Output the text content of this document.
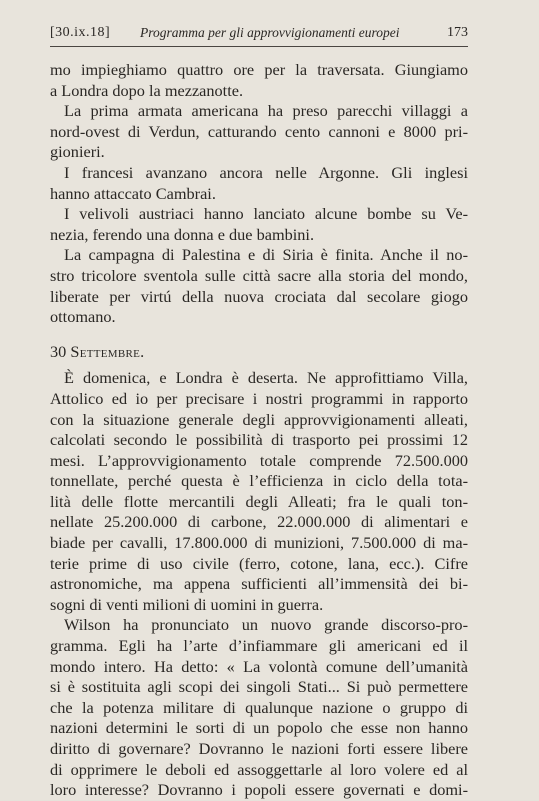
[30.ix.18] Programma per gli approvvigionamenti europei	173
mo impieghiamo quattro ore per la traversata. Giungiamo
a Londra dopo la mezzanotte.
La prima armata americana ha preso parecchi villaggi a
nord-ovest di Verdun, catturando cento cannoni e 8000 pri-
gionieri.
I francesi avanzano ancora nelle Argonne. Gli inglesi
hanno attaccato Cambrai.
I velivoli austriaci hanno lanciato alcune bombe su Ve-
nezia, ferendo una donna e due bambini.
La campagna di Palestina e di Siria è finita. Anche il no-
stro tricolore sventola sulle città sacre alla storia del mondo,
liberate per virtú della nuova crociata dal secolare giogo
ottomano.
30 Settembre.
È domenica, e Londra è deserta. Ne approfittiamo Villa,
Attolico ed io per precisare i nostri programmi in rapporto
con la situazione generale degli approvvigionamenti alleati,
calcolati secondo le possibilità di trasporto pei prossimi 12
mesi. L’approvvigionamento totale comprende 72.500.000
tonnellate, perché questa è l’efficienza in ciclo della tota-
lità delle flotte mercantili degli Alleati; fra le quali ton-
nellate 25.200.000 di carbone, 22.000.000 di alimentari e
biade per cavalli, 17.800.000 di munizioni, 7.500.000 di ma-
terie prime di uso civile (ferro, cotone, lana, ecc.). Cifre
astronomiche, ma appena sufficienti all’immensità dei bi-
sogni di venti milioni di uomini in guerra.
Wilson ha pronunciato un nuovo grande discorso-pro-
gramma. Egli ha l’arte d’infiammare gli americani ed il
mondo intero. Ha detto: « La volontà comune dell’umanità
si è sostituita agli scopi dei singoli Stati... Si può permettere
che la potenza militare di qualunque nazione o gruppo di
nazioni determini le sorti di un popolo che esse non hanno
diritto di governare? Dovranno le nazioni forti essere libere
di opprimere le deboli ed assoggettarle al loro volere ed al
loro interesse? Dovranno i popoli essere governati e domi-
